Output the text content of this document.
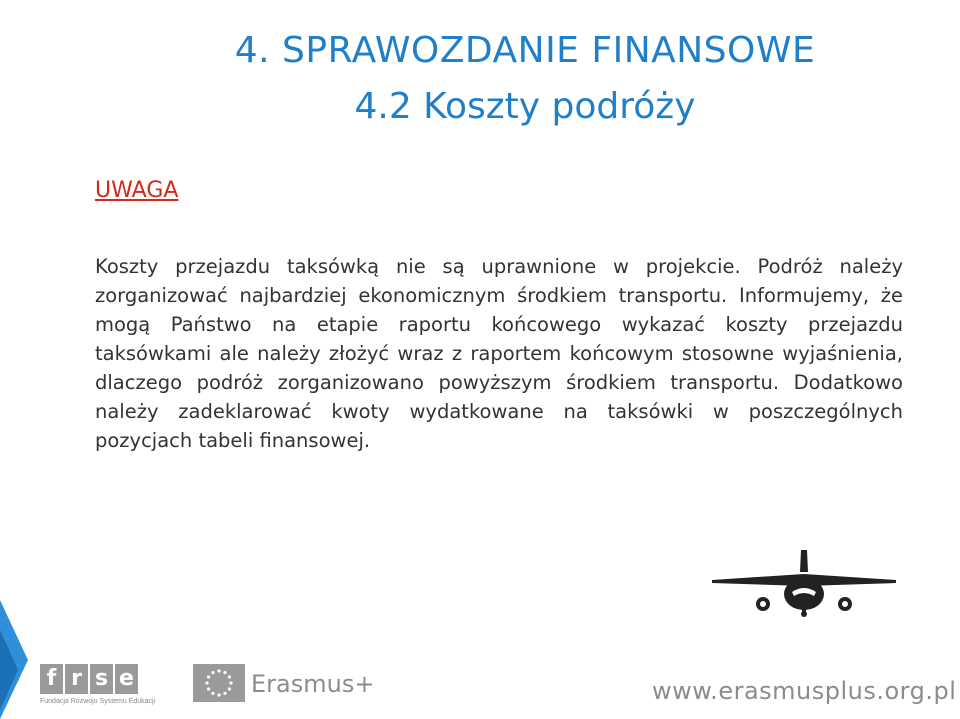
4. SPRAWOZDANIE FINANSOWE
4.2 Koszty podróży
UWAGA

Koszty przejazdu taksówką nie są uprawnione w projekcie. Podróż należy zorganizować najbardziej ekonomicznym środkiem transportu. Informujemy, że mogą Państwo na etapie raportu końcowego wykazać koszty przejazdu taksówkami ale należy złożyć wraz z raportem końcowym stosowne wyjaśnienia, dlaczego podróż zorganizowano powyższym środkiem transportu. Dodatkowo należy zadeklarować kwoty wydatkowane na taksówki w poszczególnych pozycjach tabeli finansowej.

f r s e
Fundacja Rozwoju Systemu Edukacji
Erasmus+	www.erasmusplus.org.pl
